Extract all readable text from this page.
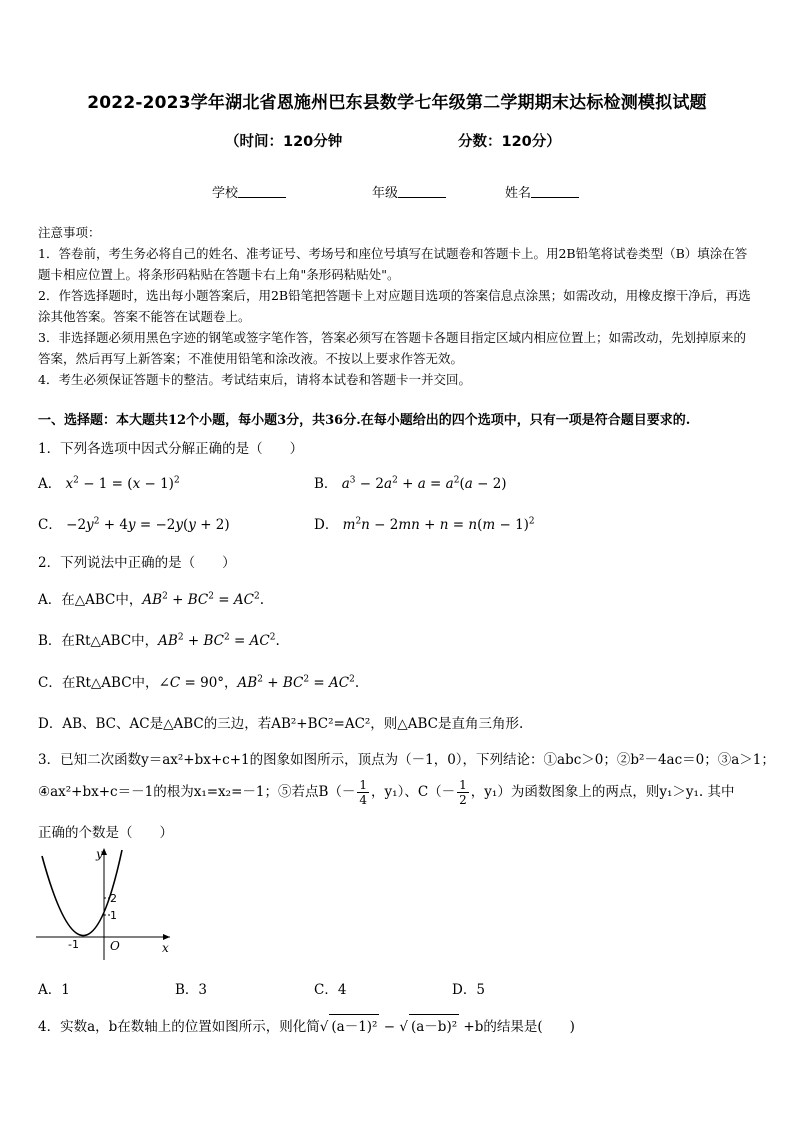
2022-2023学年湖北省恩施州巴东县数学七年级第二学期期末达标检测模拟试题
（时间：120分钟	分数：120分）
学校	年级	姓名

注意事项：

1．答卷前，考生务必将自己的姓名、准考证号、考场号和座位号填写在试题卷和答题卡上。用2B铅笔将试卷类型（B）填涂在答题卡相应位置上。将条形码粘贴在答题卡右上角"条形码粘贴处"。

2．作答选择题时，选出每小题答案后，用2B铅笔把答题卡上对应题目选项的答案信息点涂黑；如需改动，用橡皮擦干净后，再选涂其他答案。答案不能答在试题卷上。

3．非选择题必须用黑色字迹的钢笔或签字笔作答，答案必须写在答题卡各题目指定区域内相应位置上；如需改动，先划掉原来的答案，然后再写上新答案；不准使用铅笔和涂改液。不按以上要求作答无效。

4．考生必须保证答题卡的整洁。考试结束后，请将本试卷和答题卡一并交回。

一、选择题：本大题共12个小题，每小题3分，共36分.在每小题给出的四个选项中，只有一项是符合题目要求的.
1．下列各选项中因式分解正确的是（　　）
A． $x^2 - 1 = (x - 1)^2$	B． $a^3 - 2a^2 + a = a^2(a - 2)$
C． $-2y^2 + 4y = -2y(y + 2)$	D． $m^2n - 2mn + n = n(m - 1)^2$
2．下列说法中正确的是（　　）
A．在△ABC中，$AB^2 + BC^2 = AC^2$.
B．在Rt△ABC中，$AB^2 + BC^2 = AC^2$.
C．在Rt△ABC中，∠C = 90°，$AB^2 + BC^2 = AC^2$.
D．AB、BC、AC是△ABC的三边，若AB²+BC²=AC²，则△ABC是直角三角形.
3．已知二次函数y＝ax²+bx+c+1的图象如图所示，顶点为（－1，0），下列结论：①abc＞0；②b²－4ac＝0；③a＞1；
④ax²+bx+c＝－1的根为x₁=x₂=－1；⑤若点$B(- \frac{1}{4}$ ，y₁）、$C(- \frac{1}{2}$ ，y₁）为函数图象上的两点，则y₁＞y₁. 其中
正确的个数是（　　）
y
x
O
-1
2
1
A．1	B．3	C．4	D．5
4．实数a，b在数轴上的位置如图所示，则化简√ (a－1)² − √ (a－b)² +b的结果是(　　)
